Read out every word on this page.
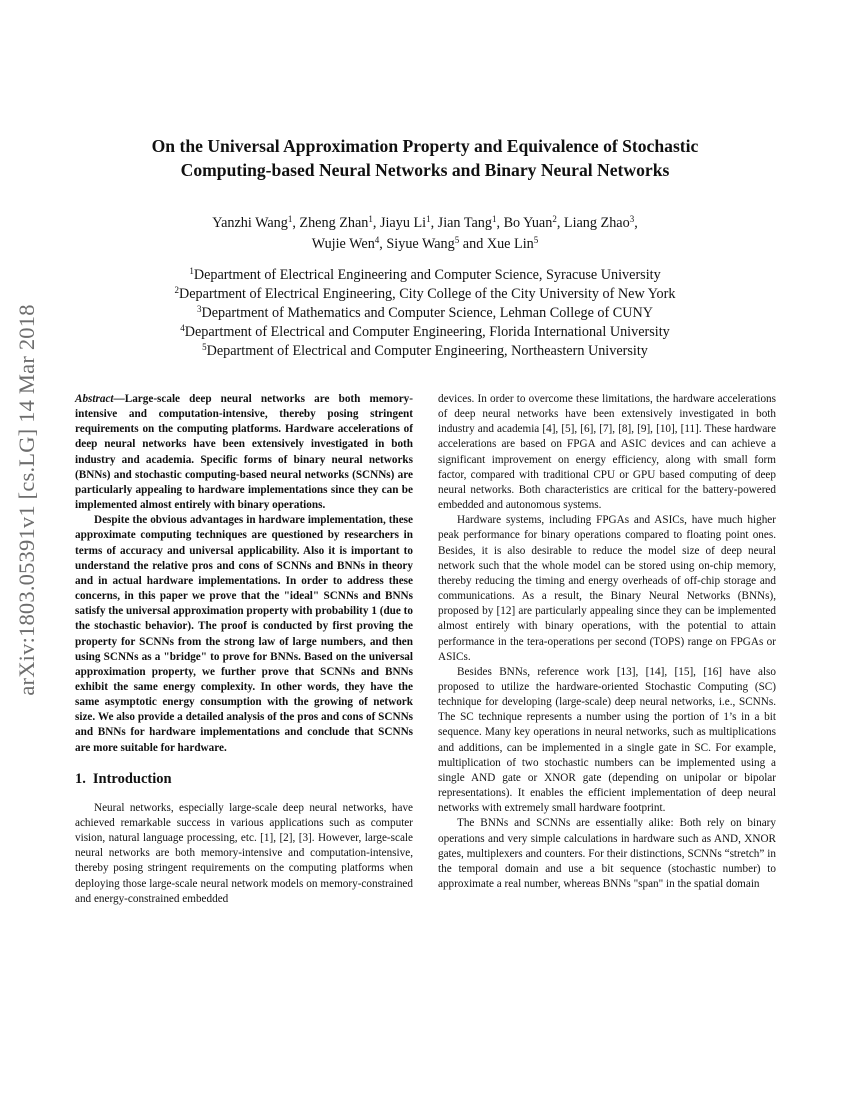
arXiv:1803.05391v1 [cs.LG] 14 Mar 2018
On the Universal Approximation Property and Equivalence of Stochastic
Computing-based Neural Networks and Binary Neural Networks
Yanzhi Wang$^1$, Zheng Zhan$^1$, Jiayu Li$^1$, Jian Tang$^1$, Bo Yuan$^2$, Liang Zhao$^3$,
Wujie Wen$^4$, Siyue Wang$^5$ and Xue Lin$^5$
$^1$Department of Electrical Engineering and Computer Science, Syracuse University
$^2$Department of Electrical Engineering, City College of the City University of New York
$^3$Department of Mathematics and Computer Science, Lehman College of CUNY
$^4$Department of Electrical and Computer Engineering, Florida International University
$^5$Department of Electrical and Computer Engineering, Northeastern University

Abstract—Large-scale deep neural networks are both memory-intensive and computation-intensive, thereby posing stringent requirements on the computing platforms. Hardware accelerations of deep neural networks have been extensively investigated in both industry and academia. Specific forms of binary neural networks (BNNs) and stochastic computing-based neural networks (SCNNs) are particularly appealing to hardware implementations since they can be implemented almost entirely with binary operations.

Despite the obvious advantages in hardware implementation, these approximate computing techniques are questioned by researchers in terms of accuracy and universal applicability. Also it is important to understand the relative pros and cons of SCNNs and BNNs in theory and in actual hardware implementations. In order to address these concerns, in this paper we prove that the "ideal" SCNNs and BNNs satisfy the universal approximation property with probability 1 (due to the stochastic behavior). The proof is conducted by first proving the property for SCNNs from the strong law of large numbers, and then using SCNNs as a "bridge" to prove for BNNs. Based on the universal approximation property, we further prove that SCNNs and BNNs exhibit the same energy complexity. In other words, they have the same asymptotic energy consumption with the growing of network size. We also provide a detailed analysis of the pros and cons of SCNNs and BNNs for hardware implementations and conclude that SCNNs are more suitable for hardware.

1. Introduction

Neural networks, especially large-scale deep neural networks, have achieved remarkable success in various applications such as computer vision, natural language processing, etc. [1], [2], [3]. However, large-scale neural networks are both memory-intensive and computation-intensive, thereby posing stringent requirements on the computing platforms when deploying those large-scale neural network models on memory-constrained and energy-constrained embedded

devices. In order to overcome these limitations, the hardware accelerations of deep neural networks have been extensively investigated in both industry and academia [4], [5], [6], [7], [8], [9], [10], [11]. These hardware accelerations are based on FPGA and ASIC devices and can achieve a significant improvement on energy efficiency, along with small form factor, compared with traditional CPU or GPU based computing of deep neural networks. Both characteristics are critical for the battery-powered embedded and autonomous systems.

Hardware systems, including FPGAs and ASICs, have much higher peak performance for binary operations compared to floating point ones. Besides, it is also desirable to reduce the model size of deep neural network such that the whole model can be stored using on-chip memory, thereby reducing the timing and energy overheads of off-chip storage and communications. As a result, the Binary Neural Networks (BNNs), proposed by [12] are particularly appealing since they can be implemented almost entirely with binary operations, with the potential to attain performance in the tera-operations per second (TOPS) range on FPGAs or ASICs.

Besides BNNs, reference work [13], [14], [15], [16] have also proposed to utilize the hardware-oriented Stochastic Computing (SC) technique for developing (large-scale) deep neural networks, i.e., SCNNs. The SC technique represents a number using the portion of 1’s in a bit sequence. Many key operations in neural networks, such as multiplications and additions, can be implemented in a single gate in SC. For example, multiplication of two stochastic numbers can be implemented using a single AND gate or XNOR gate (depending on unipolar or bipolar representations). It enables the efficient implementation of deep neural networks with extremely small hardware footprint.

The BNNs and SCNNs are essentially alike: Both rely on binary operations and very simple calculations in hardware such as AND, XNOR gates, multiplexers and counters. For their distinctions, SCNNs “stretch” in the temporal domain and use a bit sequence (stochastic number) to approximate a real number, whereas BNNs "span" in the spatial domain
